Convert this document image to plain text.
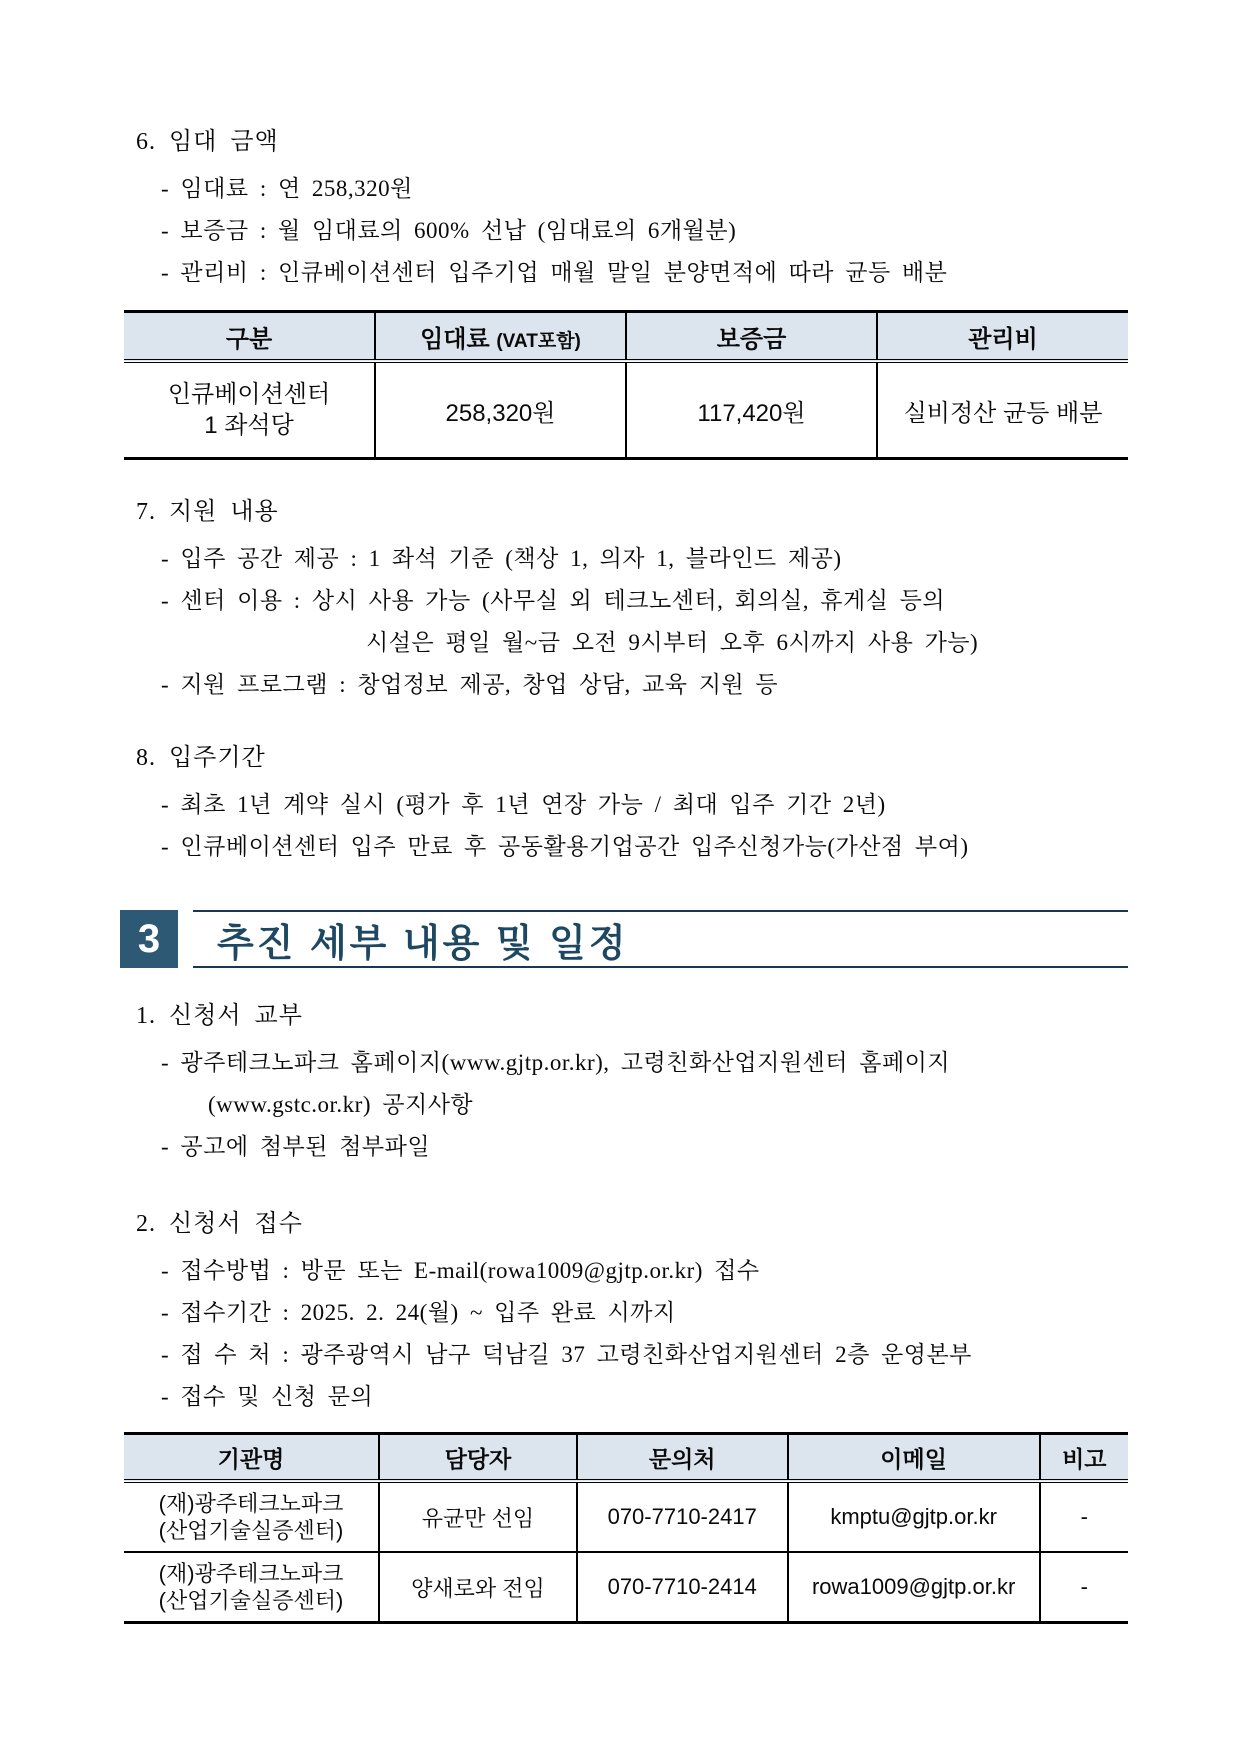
6. 임대 금액
- 임대료 : 연 258,320원
- 보증금 : 월 임대료의 600% 선납 (임대료의 6개월분)
- 관리비 : 인큐베이션센터 입주기업 매월 말일 분양면적에 따라 균등 배분
구분	임대료 (VAT포함)	보증금	관리비

인큐베이션센터
1 좌석당	258,320원	117,420원	실비정산 균등 배분
7. 지원 내용
- 입주 공간 제공 : 1 좌석 기준 (책상 1, 의자 1, 블라인드 제공)
- 센터 이용 : 상시 사용 가능 (사무실 외 테크노센터, 회의실, 휴게실 등의
시설은 평일 월~금 오전 9시부터 오후 6시까지 사용 가능)
- 지원 프로그램 : 창업정보 제공, 창업 상담, 교육 지원 등
8. 입주기간
- 최초 1년 계약 실시 (평가 후 1년 연장 가능 / 최대 입주 기간 2년)
- 인큐베이션센터 입주 만료 후 공동활용기업공간 입주신청가능(가산점 부여)
3	추진 세부 내용 및 일정
1. 신청서 교부
- 광주테크노파크 홈페이지(www.gjtp.or.kr), 고령친화산업지원센터 홈페이지
(www.gstc.or.kr) 공지사항
- 공고에 첨부된 첨부파일
2. 신청서 접수
- 접수방법 : 방문 또는 E-mail(rowa1009@gjtp.or.kr) 접수
- 접수기간 : 2025. 2. 24(월) ~ 입주 완료 시까지
- 접 수 처 : 광주광역시 남구 덕남길 37 고령친화산업지원센터 2층 운영본부
- 접수 및 신청 문의
기관명	담당자	문의처	이메일	비고

(재)광주테크노파크
(산업기술실증센터)	유균만 선임	070-7710-2417	kmptu@gjtp.or.kr	-

(재)광주테크노파크
(산업기술실증센터)	양새로와 전임	070-7710-2414	rowa1009@gjtp.or.kr	-
